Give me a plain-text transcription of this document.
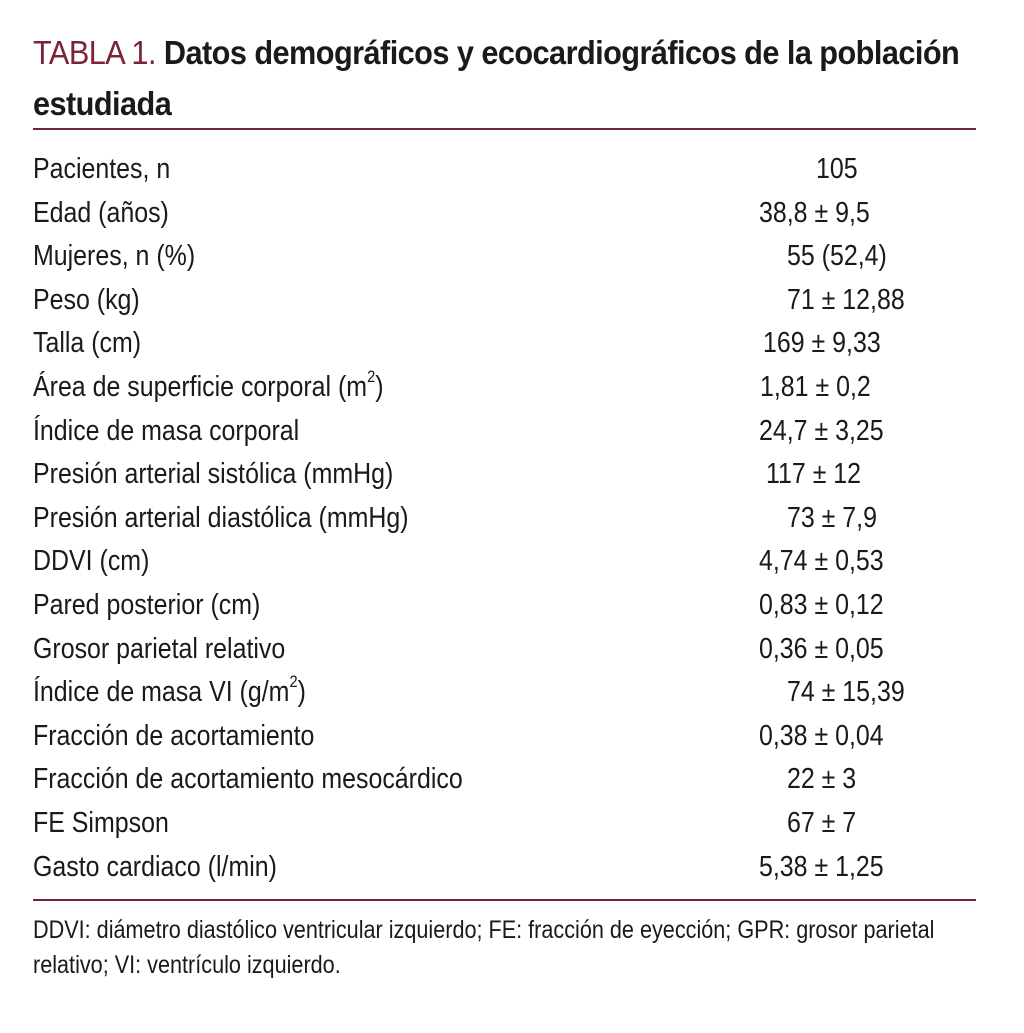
TABLA 1. Datos demográficos y ecocardiográficos de la población estudiada
Pacientes, n	105
Edad (años)	38,8 ± 9,5
Mujeres, n (%)	55 (52,4)
Peso (kg)	71 ± 12,88
Talla (cm)	169 ± 9,33
Área de superficie corporal $(m^2)$	1,81 ± 0,2
Índice de masa corporal	24,7 ± 3,25
Presión arterial sistólica (mmHg)	117 ± 12
Presión arterial diastólica (mmHg)	73 ± 7,9
DDVI (cm)	4,74 ± 0,53
Pared posterior (cm)	0,83 ± 0,12
Grosor parietal relativo	0,36 ± 0,05
Índice de masa VI $(g/m^2)$	74 ± 15,39
Fracción de acortamiento	0,38 ± 0,04
Fracción de acortamiento mesocárdico	22 ± 3
FE Simpson	67 ± 7
Gasto cardiaco (l/min)	5,38 ± 1,25

DDVI: diámetro diastólico ventricular izquierdo; FE: fracción de eyección; GPR: grosor parietal relativo; VI: ventrículo izquierdo.
